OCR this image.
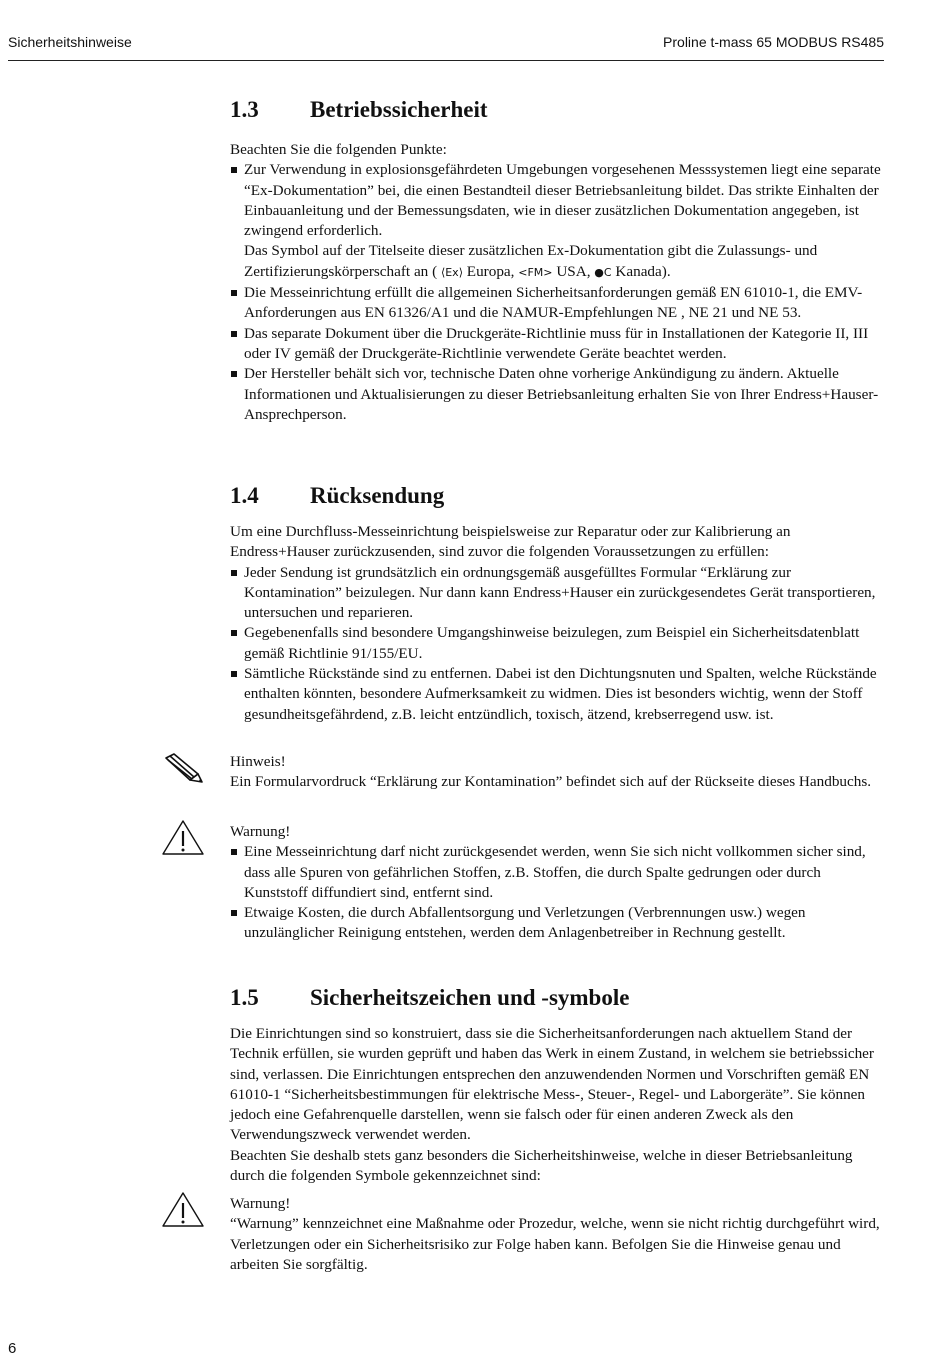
Sicherheitshinweise	Proline t-mass 65 MODBUS RS485
1.3 Betriebssicherheit

Beachten Sie die folgenden Punkte:

Zur Verwendung in explosionsgefährdeten Umgebungen vorgesehenen Messsystemen liegt eine separate “Ex-Dokumentation” bei, die einen Bestandteil dieser Betriebsanleitung bildet. Das strikte Einhalten der Einbauanleitung und der Bemessungsdaten, wie in dieser zusätzlichen Dokumentation angegeben, ist zwingend erforderlich.
Das Symbol auf der Titelseite dieser zusätzlichen Ex-Dokumentation gibt die Zulassungs- und Zertifizierungskörperschaft an ( ⟨Ex⟩ Europa, <FM> USA, ●C Kanada).
Die Messeinrichtung erfüllt die allgemeinen Sicherheitsanforderungen gemäß EN 61010-1, die EMV-Anforderungen aus EN 61326/A1 und die NAMUR-Empfehlungen NE , NE 21 und NE 53.
Das separate Dokument über die Druckgeräte-Richtlinie muss für in Installationen der Kategorie II, III oder IV gemäß der Druckgeräte-Richtlinie verwendete Geräte beachtet werden.
Der Hersteller behält sich vor, technische Daten ohne vorherige Ankündigung zu ändern. Aktuelle Informationen und Aktualisierungen zu dieser Betriebsanleitung erhalten Sie von Ihrer Endress+Hauser-Ansprechperson.
1.4 Rücksendung

Um eine Durchfluss-Messeinrichtung beispielsweise zur Reparatur oder zur Kalibrierung an Endress+Hauser zurückzusenden, sind zuvor die folgenden Voraussetzungen zu erfüllen:

Jeder Sendung ist grundsätzlich ein ordnungsgemäß ausgefülltes Formular “Erklärung zur Kontamination” beizulegen. Nur dann kann Endress+Hauser ein zurückgesendetes Gerät transportieren, untersuchen und reparieren.
Gegebenenfalls sind besondere Umgangshinweise beizulegen, zum Beispiel ein Sicherheitsdatenblatt gemäß Richtlinie 91/155/EU.
Sämtliche Rückstände sind zu entfernen. Dabei ist den Dichtungsnuten und Spalten, welche Rückstände enthalten könnten, besondere Aufmerksamkeit zu widmen. Dies ist besonders wichtig, wenn der Stoff gesundheitsgefährdend, z.B. leicht entzündlich, toxisch, ätzend, krebserregend usw. ist.

Hinweis!

Ein Formularvordruck “Erklärung zur Kontamination” befindet sich auf der Rückseite dieses Handbuchs.

Warnung!

Eine Messeinrichtung darf nicht zurückgesendet werden, wenn Sie sich nicht vollkommen sicher sind, dass alle Spuren von gefährlichen Stoffen, z.B. Stoffen, die durch Spalte gedrungen oder durch Kunststoff diffundiert sind, entfernt sind.
Etwaige Kosten, die durch Abfallentsorgung und Verletzungen (Verbrennungen usw.) wegen unzulänglicher Reinigung entstehen, werden dem Anlagenbetreiber in Rechnung gestellt.
1.5 Sicherheitszeichen und -symbole

Die Einrichtungen sind so konstruiert, dass sie die Sicherheitsanforderungen nach aktuellem Stand der Technik erfüllen, sie wurden geprüft und haben das Werk in einem Zustand, in welchem sie betriebssicher sind, verlassen. Die Einrichtungen entsprechen den anzuwendenden Normen und Vorschriften gemäß EN 61010-1 “Sicherheitsbestimmungen für elektrische Mess-, Steuer-, Regel- und Laborgeräte”. Sie können jedoch eine Gefahrenquelle darstellen, wenn sie falsch oder für einen anderen Zweck als den Verwendungszweck verwendet werden.

Beachten Sie deshalb stets ganz besonders die Sicherheitshinweise, welche in dieser Betriebsanleitung durch die folgenden Symbole gekennzeichnet sind:

Warnung!

“Warnung” kennzeichnet eine Maßnahme oder Prozedur, welche, wenn sie nicht richtig durchgeführt wird, Verletzungen oder ein Sicherheitsrisiko zur Folge haben kann. Befolgen Sie die Hinweise genau und arbeiten Sie sorgfältig.

6
